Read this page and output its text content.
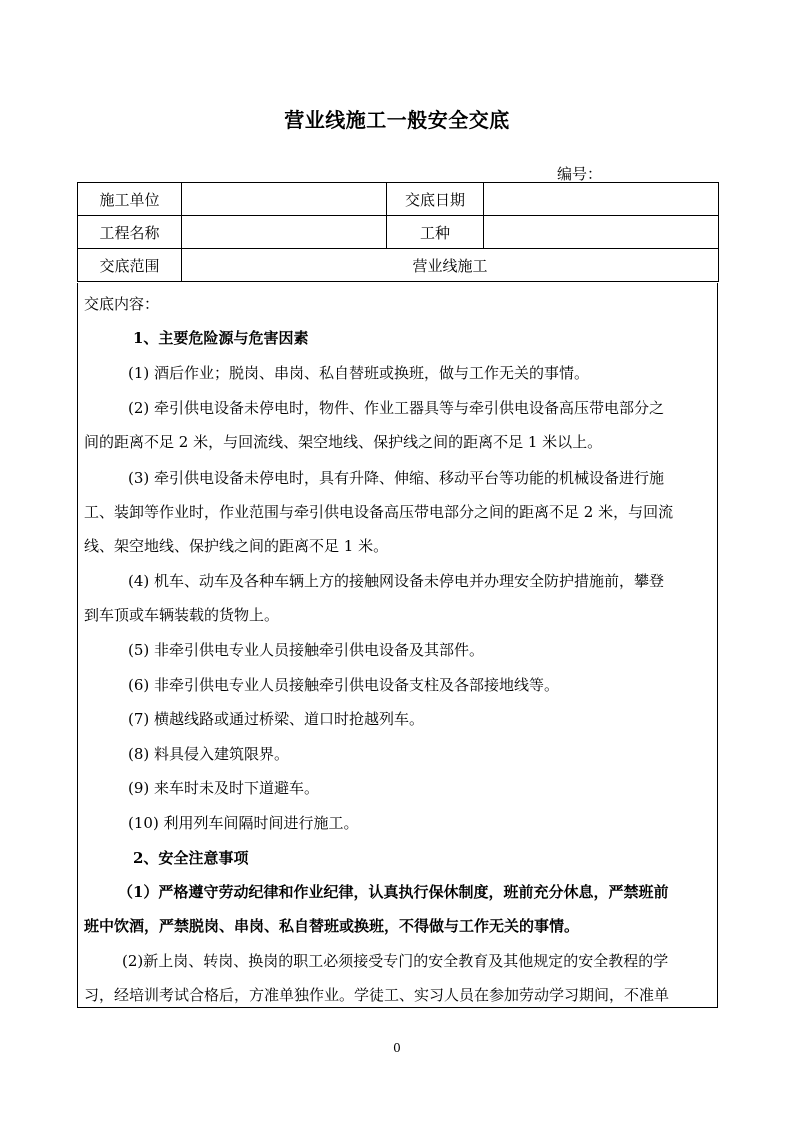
营业线施工一般安全交底
编号：
施工单位		交底日期	
工程名称		工种	
交底范围	营业线施工		
交底内容：
1、主要危险源与危害因素
(1) 酒后作业；脱岗、串岗、私自替班或换班，做与工作无关的事情。
(2) 牵引供电设备未停电时，物件、作业工器具等与牵引供电设备高压带电部分之
间的距离不足 2 米，与回流线、架空地线、保护线之间的距离不足 1 米以上。
(3) 牵引供电设备未停电时，具有升降、伸缩、移动平台等功能的机械设备进行施
工、装卸等作业时，作业范围与牵引供电设备高压带电部分之间的距离不足 2 米，与回流
线、架空地线、保护线之间的距离不足 1 米。
(4) 机车、动车及各种车辆上方的接触网设备未停电并办理安全防护措施前，攀登
到车顶或车辆装载的货物上。
(5) 非牵引供电专业人员接触牵引供电设备及其部件。
(6) 非牵引供电专业人员接触牵引供电设备支柱及各部接地线等。
(7) 横越线路或通过桥梁、道口时抢越列车。
(8) 料具侵入建筑限界。
(9) 来车时未及时下道避车。
(10) 利用列车间隔时间进行施工。
2、安全注意事项
（1）严格遵守劳动纪律和作业纪律，认真执行保休制度，班前充分休息，严禁班前
班中饮酒，严禁脱岗、串岗、私自替班或换班，不得做与工作无关的事情。
(2)新上岗、转岗、换岗的职工必须接受专门的安全教育及其他规定的安全教程的学
习，经培训考试合格后，方准单独作业。学徒工、实习人员在参加劳动学习期间，不准单
0
